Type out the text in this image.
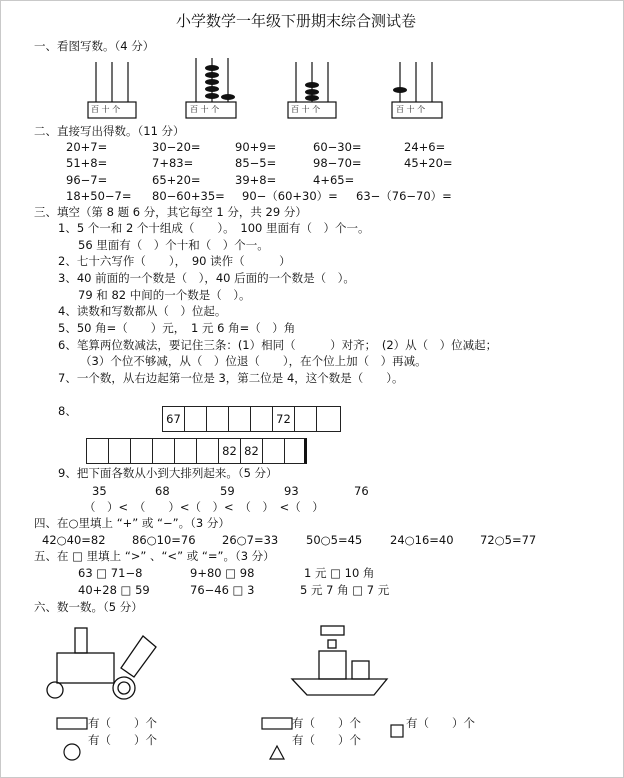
小学数学一年级下册期末综合测试卷
一、看图写数。（4 分）
百 十 个	百 十 个	百 十 个	百 十 个
二、直接写出得数。（11 分）
20+7=	30−20=	90+9=	60−30=	24+6=
51+8=	7+83=	85−5=	98−70=	45+20=
96−7=	65+20=	39+8=	4+65=
18+50−7= 80−60+35= 90−（60+30）= 63−（76−70）=
三、填空（第 8 题 6 分，其它每空 1 分，共 29 分）
1、5 个一和 2 个十组成（　　）。　100 里面有（　）个一。
56 里面有（　）个十和（　）个一。
2、七十六写作（　　），　90 读作（　　　）
3、40 前面的一个数是（　），40 后面的一个数是（　）。
79 和 82 中间的一个数是（　）。
4、读数和写数都从（　）位起。
5、50 角=（　　）元，　1 元 6 角=（　）角
6、笔算两位数减法，要记住三条：(1）相同（　　　）对齐；　(2）从（　）位减起；
（3）个位不够减，从（　）位退（　　），在个位上加（　）再减。
7、一个数，从右边起第一位是 3，第二位是 4，这个数是（　　）。
8、
67	72
82 82
9、把下面各数从小到大排列起来。（5 分）
35	68	59	93	76
（　）<　（　　）<（　）<　（　）　<（　）
四、在○里填上 “+” 或 “−”。（3 分）
42○40=82 86○10=76 26○7=33 50○5=45 24○16=40 72○5=77
五、在 □ 里填上 “>” 、“<” 或 “=”。（3 分）
63 □ 71−8	9+80 □ 98	1 元 □ 10 角
40+28 □ 59	76−46 □ 3	5 元 7 角 □ 7 元
六、数一数。（5 分）
有（　　）个
有（　　）个
有（　　）个
有（　　）个
有（　　）个
